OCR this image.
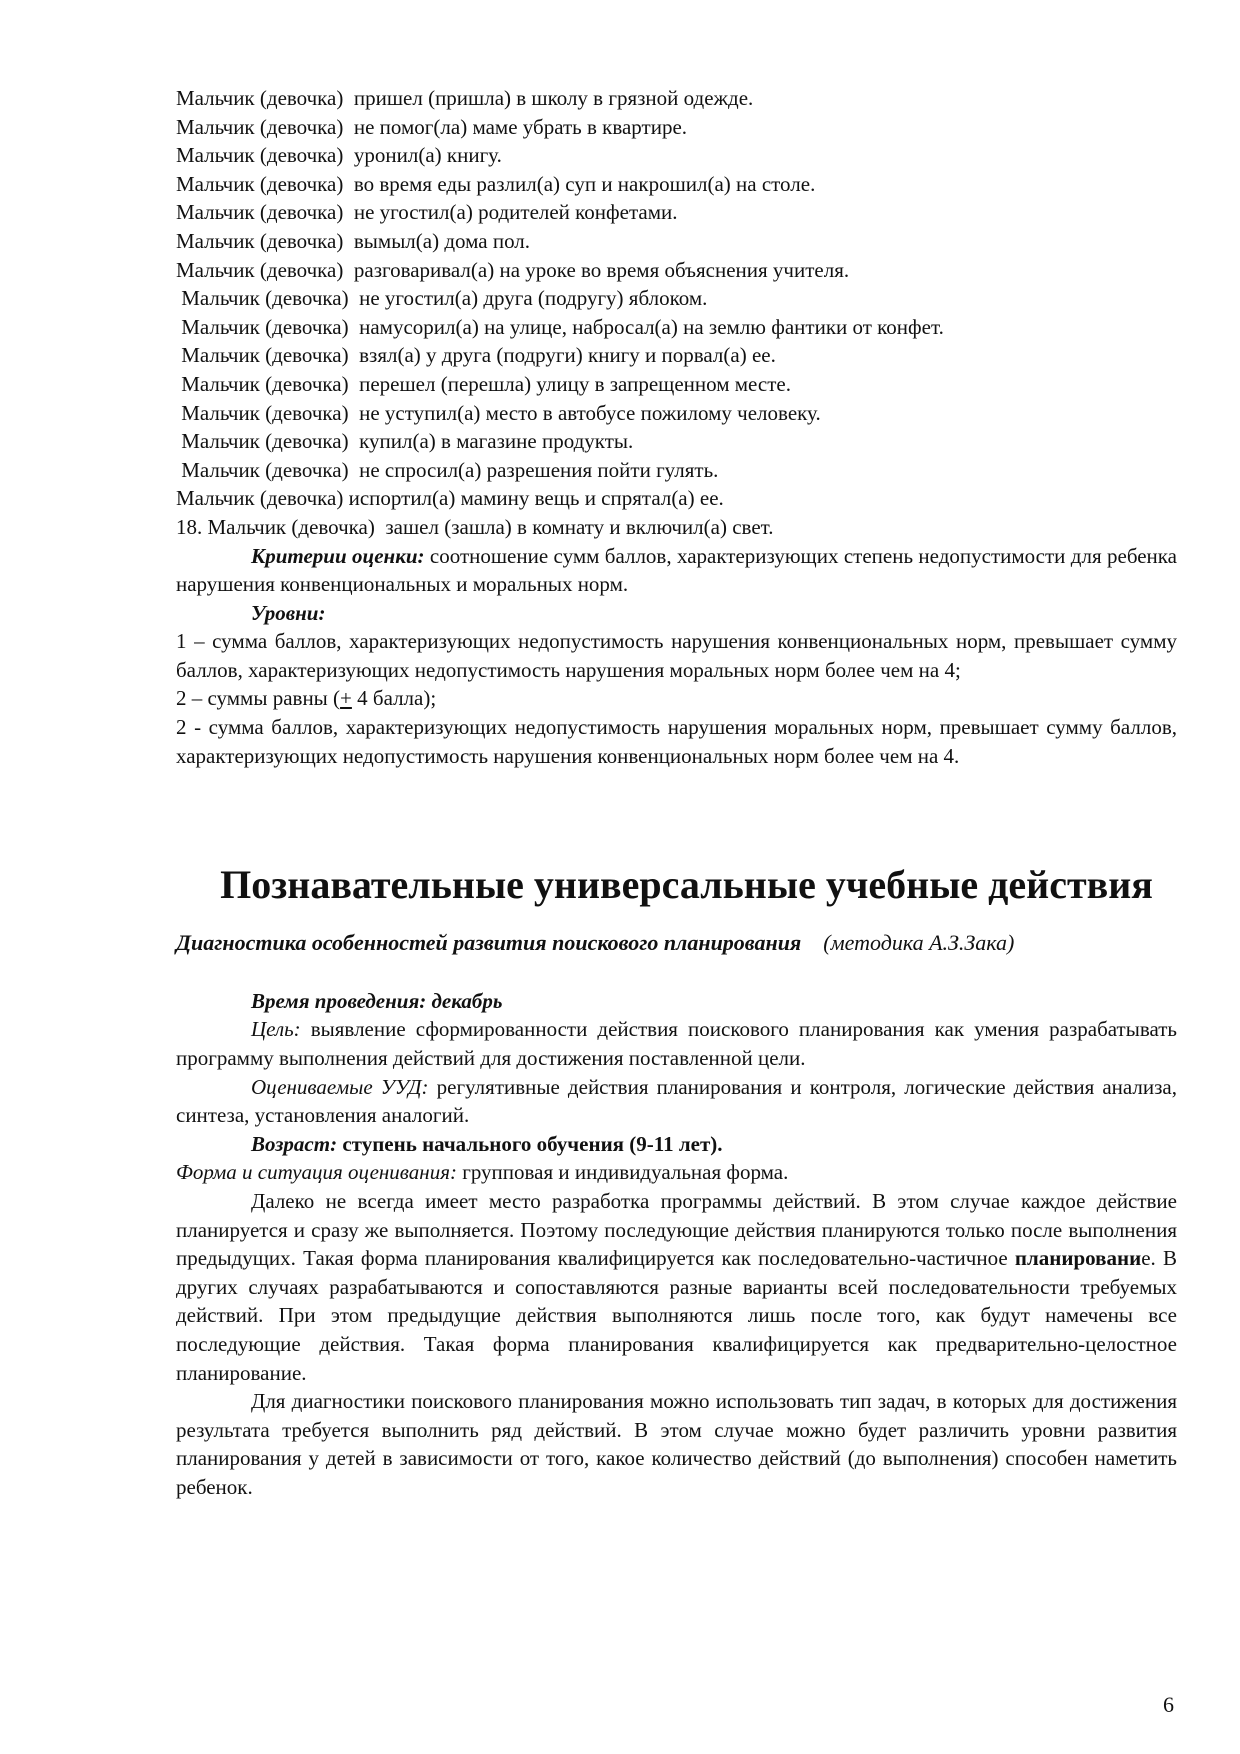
Мальчик (девочка)  пришел (пришла) в школу в грязной одежде.
Мальчик (девочка)  не помог(ла) маме убрать в квартире.
Мальчик (девочка)  уронил(а) книгу.
Мальчик (девочка)  во время еды разлил(а) суп и накрошил(а) на столе.
Мальчик (девочка)  не угостил(а) родителей конфетами.
Мальчик (девочка)  вымыл(а) дома пол.
Мальчик (девочка)  разговаривал(а) на уроке во время объяснения учителя.
Мальчик (девочка)  не угостил(а) друга (подругу) яблоком.
Мальчик (девочка)  намусорил(а) на улице, набросал(а) на землю фантики от конфет.
Мальчик (девочка)  взял(а) у друга (подруги) книгу и порвал(а) ее.
Мальчик (девочка)  перешел (перешла) улицу в запрещенном месте.
Мальчик (девочка)  не уступил(а) место в автобусе пожилому человеку.
Мальчик (девочка)  купил(а) в магазине продукты.
Мальчик (девочка)  не спросил(а) разрешения пойти гулять.
Мальчик (девочка) испортил(а) мамину вещь и спрятал(а) ее.
18. Мальчик (девочка)  зашел (зашла) в комнату и включил(а) свет.

Критерии оценки: соотношение сумм баллов, характеризующих степень недопустимости для ребенка нарушения конвенциональных и моральных норм.

Уровни:

1 – сумма баллов, характеризующих недопустимость нарушения конвенциональных норм, превышает сумму баллов, характеризующих недопустимость нарушения моральных норм более чем на 4;

2 – суммы равны (+ 4 балла);

2 - сумма баллов, характеризующих недопустимость нарушения моральных норм, превышает сумму баллов, характеризующих недопустимость нарушения конвенциональных норм более чем на 4.

Познавательные универсальные учебные действия
Диагностика особенностей развития поискового планирования (методика А.З.Зака)
Время проведения: декабрь

Цель: выявление сформированности действия поискового планирования как умения разрабатывать программу выполнения действий для достижения поставленной цели.

Оцениваемые УУД: регулятивные действия планирования и контроля, логические действия анализа, синтеза, установления аналогий.

Возраст: ступень начального обучения (9-11 лет).
Форма и ситуация оценивания: групповая и индивидуальная форма.

Далеко не всегда имеет место разработка программы действий. В этом случае каждое действие планируется и сразу же выполняется. Поэтому последующие действия планируются только после выполнения предыдущих. Такая форма планирования квалифицируется как последовательно-частичное планирование. В других случаях разрабатываются и сопоставляются разные варианты всей последовательности требуемых действий. При этом предыдущие действия выполняются лишь после того, как будут намечены все последующие действия. Такая форма планирования квалифицируется как предварительно-целостное планирование.

Для диагностики поискового планирования можно использовать тип задач, в которых для достижения результата требуется выполнить ряд действий. В этом случае можно будет различить уровни развития планирования у детей в зависимости от того, какое количество действий (до выполнения) способен наметить ребенок.

6
